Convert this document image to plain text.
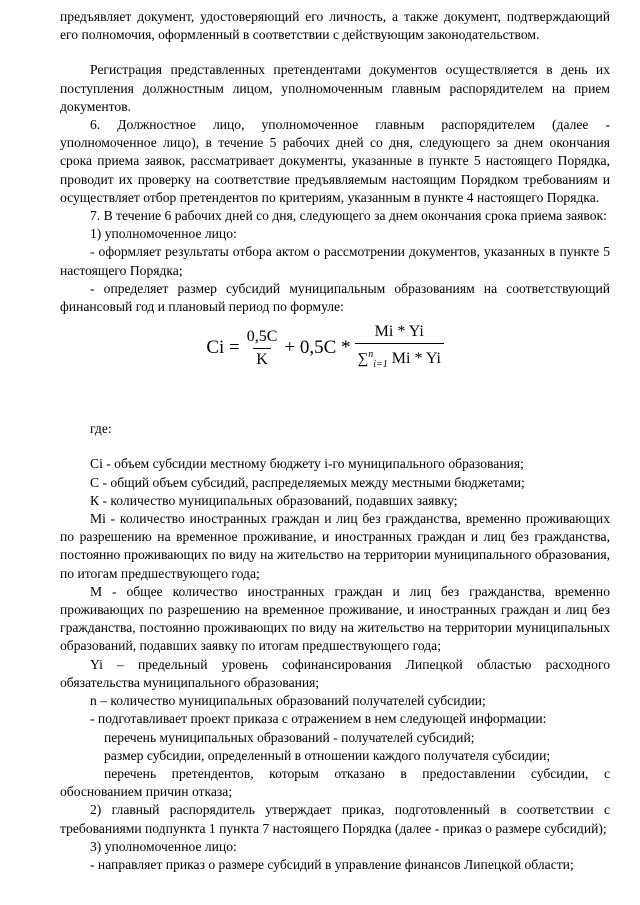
предъявляет документ, удостоверяющий его личность, а также документ, подтверждающий его полномочия, оформленный в соответствии с действующим законодательством.

Регистрация представленных претендентами документов осуществляется в день их поступления должностным лицом, уполномоченным главным распорядителем на прием документов.

6. Должностное лицо, уполномоченное главным распорядителем (далее - уполномоченное лицо), в течение 5 рабочих дней со дня, следующего за днем окончания срока приема заявок, рассматривает документы, указанные в пункте 5 настоящего Порядка, проводит их проверку на соответствие предъявляемым настоящим Порядком требованиям и осуществляет отбор претендентов по критериям, указанным в пункте 4 настоящего Порядка.

7. В течение 6 рабочих дней со дня, следующего за днем окончания срока приема заявок:

1) уполномоченное лицо:

- оформляет результаты отбора актом о рассмотрении документов, указанных в пункте 5 настоящего Порядка;

- определяет размер субсидий муниципальным образованиям на соответствующий финансовый год и плановый период по формуле:

$Ci = \frac{0,5C}{K} + 0,5C * \frac{Mi * Yi}{\sum^n_{i=1} Mi * Yi}$

где:

Ci - объем субсидии местному бюджету i-го муниципального образования;

С - общий объем субсидий, распределяемых между местными бюджетами;

К - количество муниципальных образований, подавших заявку;

Mi - количество иностранных граждан и лиц без гражданства, временно проживающих по разрешению на временное проживание, и иностранных граждан и лиц без гражданства, постоянно проживающих по виду на жительство на территории муниципального образования, по итогам предшествующего года;

М - общее количество иностранных граждан и лиц без гражданства, временно проживающих по разрешению на временное проживание, и иностранных граждан и лиц без гражданства, постоянно проживающих по виду на жительство на территории муниципальных образований, подавших заявку по итогам предшествующего года;

Yi – предельный уровень софинансирования Липецкой областью расходного обязательства муниципального образования;

n – количество муниципальных образований получателей субсидии;

- подготавливает проект приказа с отражением в нем следующей информации:

перечень муниципальных образований - получателей субсидий;

размер субсидии, определенный в отношении каждого получателя субсидии;

перечень претендентов, которым отказано в предоставлении субсидии, с обоснованием причин отказа;

2) главный распорядитель утверждает приказ, подготовленный в соответствии с требованиями подпункта 1 пункта 7 настоящего Порядка (далее - приказ о размере субсидий);

3) уполномоченное лицо:

- направляет приказ о размере субсидий в управление финансов Липецкой области;
